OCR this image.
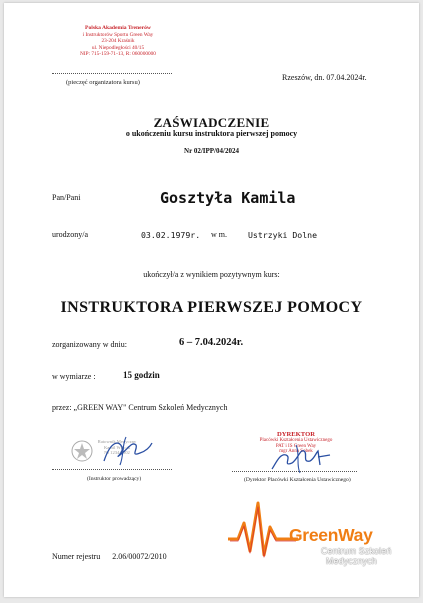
Polska Akademia Trenerów
i Instruktorów Sportu Green Way
23-204 Kraśnik
ul. Niepodległości 40/15
NIP: 715-159-71-13, R: 060000000
(pieczęć organizatora kursu)
Rzeszów, dn. 07.04.2024r.
ZAŚWIADCZENIE
o ukończeniu kursu instruktora pierwszej pomocy
Nr 02/IPP/04/2024
Pan/Pani	Gosztyła Kamila
urodzony/a	03.02.1979r. w m.	Ustrzyki Dolne
ukończył/a z wynikiem pozytywnym kurs:
INSTRUKTORA PIERWSZEJ POMOCY
zorganizowany w dniu:	6 – 7.04.2024r.
w wymiarze :	15 godzin
przez: „GREEN WAY" Centrum Szkoleń Medycznych
Ratownik Medyczny
Kamil Wójcik
Nr 1234/2002
(Instruktor prowadzący)
DYREKTOR
Placówki Kształcenia Ustawicznego
PAT i IS Green Way
mgr Anna Sobek
(Dyrektor Placówki Kształcenia Ustawicznego)
GreenWay
Centrum Szkoleń
Medycznych
Numer rejestru 2.06/00072/2010
